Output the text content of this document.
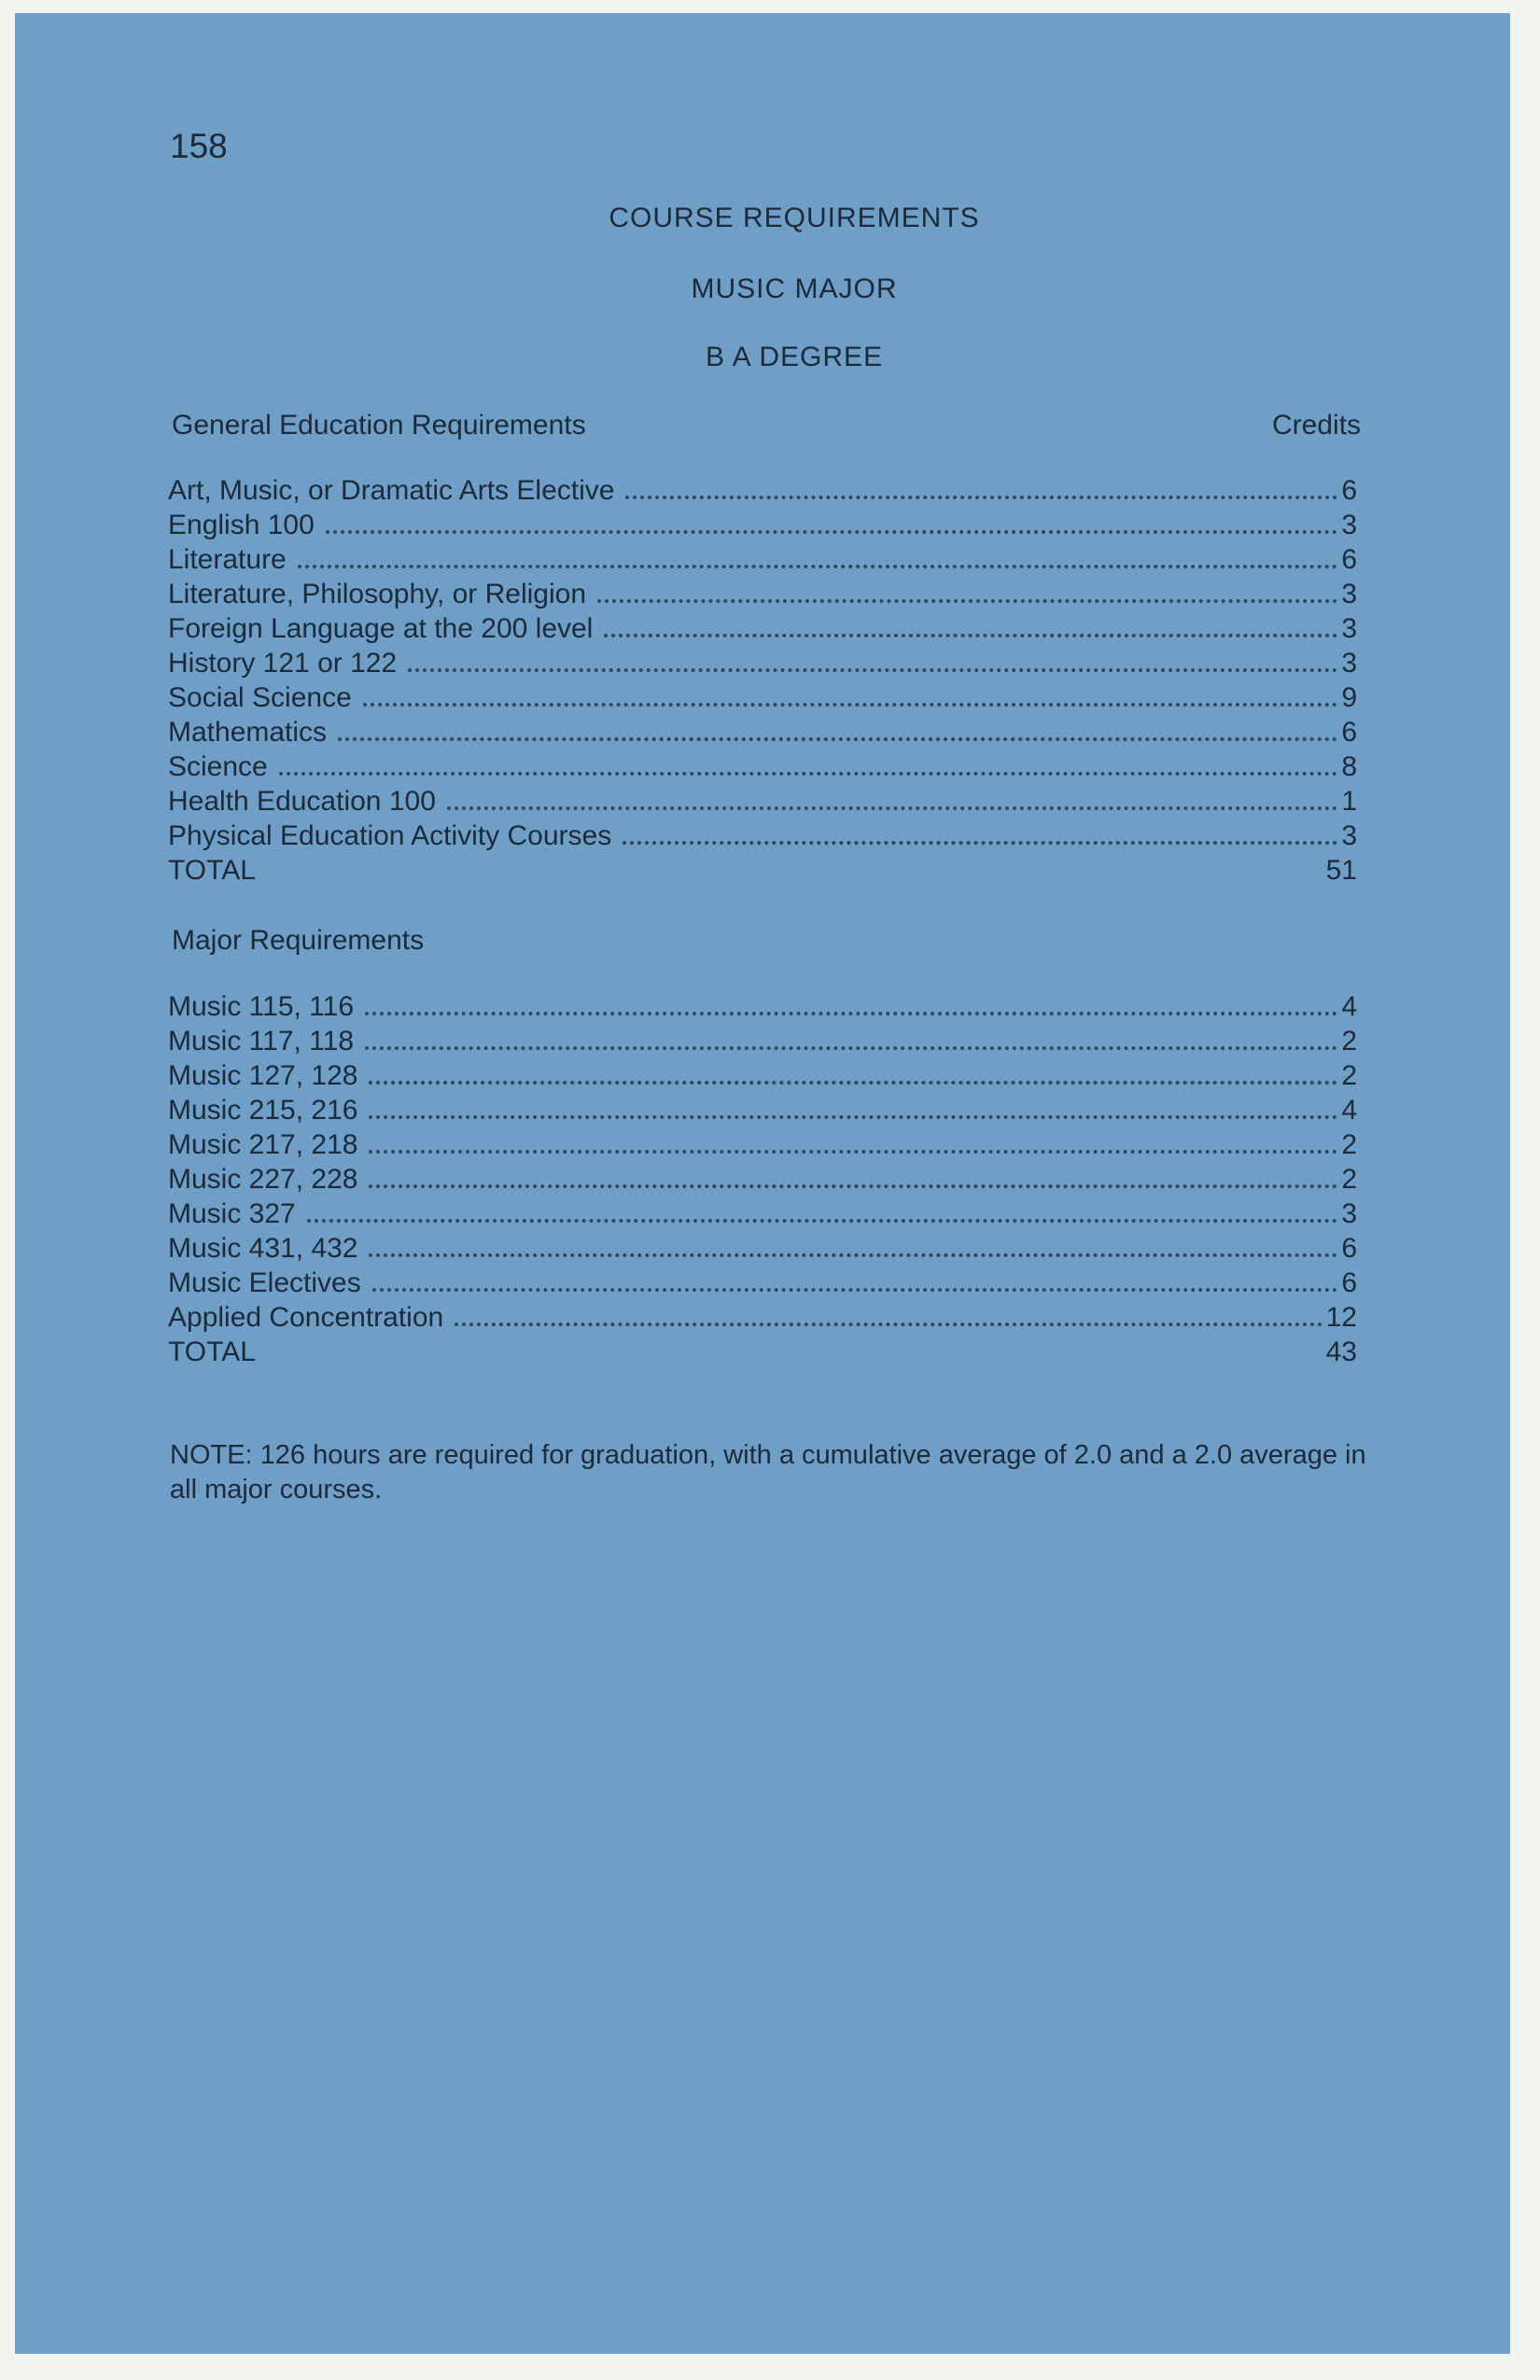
158
COURSE REQUIREMENTS
MUSIC MAJOR
B A DEGREE
General Education Requirements	Credits
Art, Music, or Dramatic Arts Elective	6
English 100	3
Literature	6
Literature, Philosophy, or Religion	3
Foreign Language at the 200 level	3
History 121 or 122	3
Social Science	9
Mathematics	6
Science	8
Health Education 100	1
Physical Education Activity Courses	3
TOTAL	51
Major Requirements
Music 115, 116	4
Music 117, 118	2
Music 127, 128	2
Music 215, 216	4
Music 217, 218	2
Music 227, 228	2
Music 327	3
Music 431, 432	6
Music Electives	6
Applied Concentration	12
TOTAL	43

NOTE: 126 hours are required for graduation, with a cumulative average of 2.0 and a 2.0 average in all major courses.
